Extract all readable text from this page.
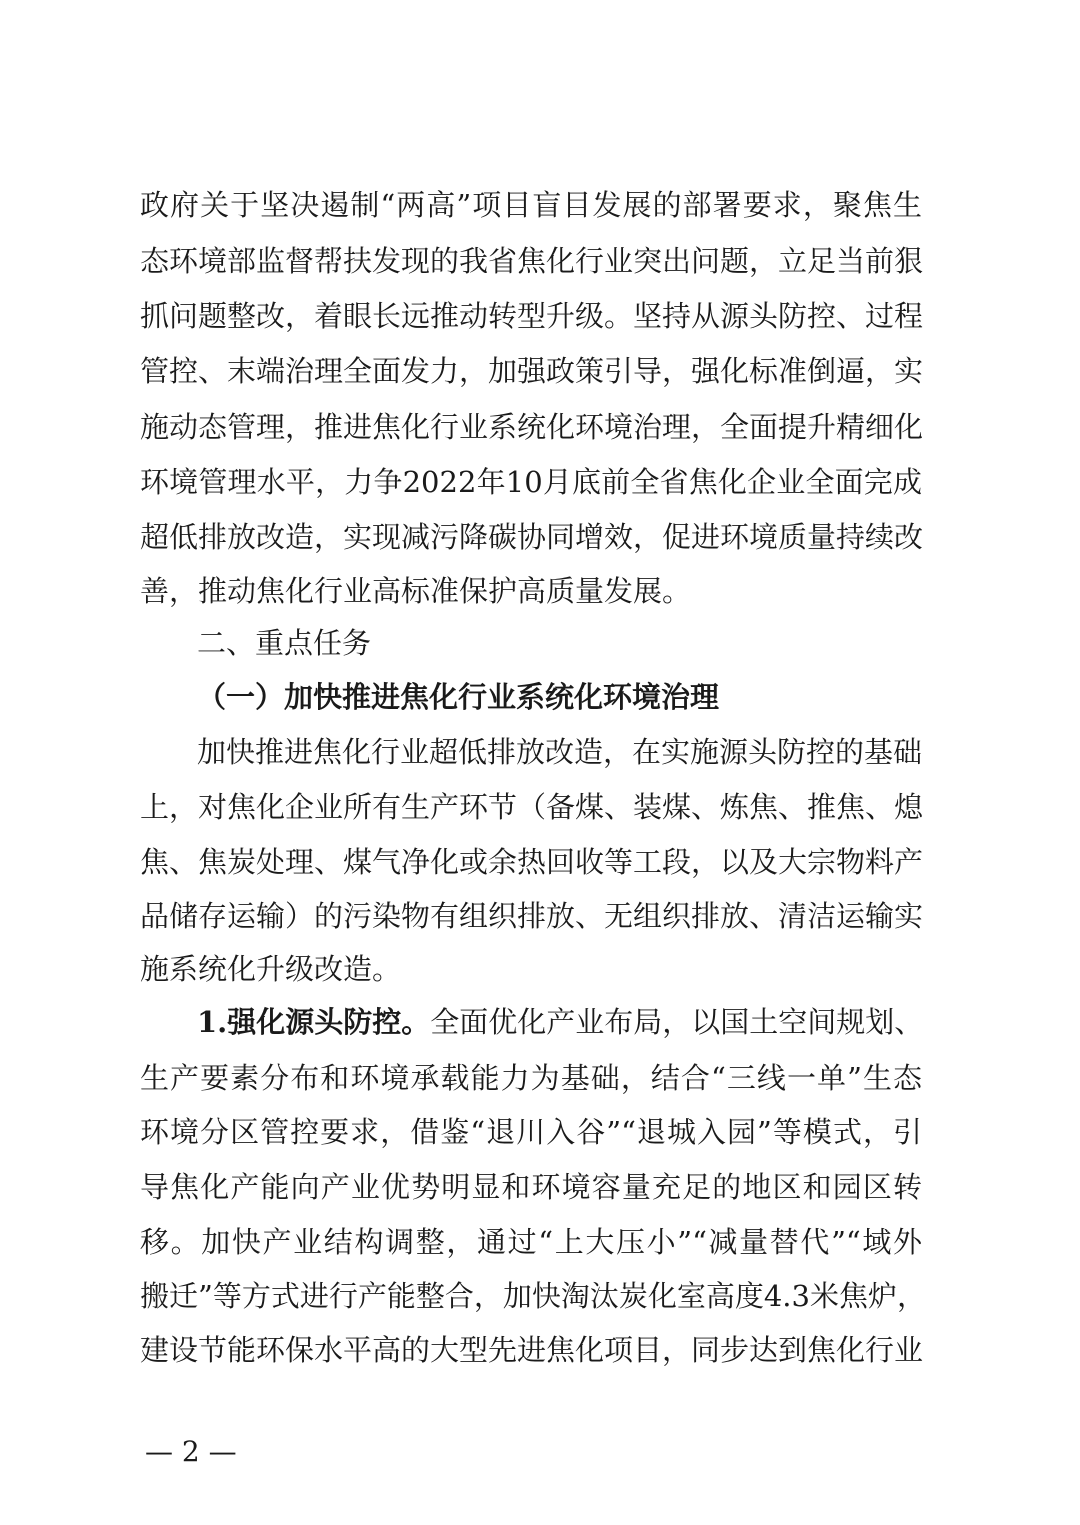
政府关于坚决遏制“两高”项目盲目发展的部署要求，聚焦生
态环境部监督帮扶发现的我省焦化行业突出问题，立足当前狠
抓问题整改，着眼长远推动转型升级。坚持从源头防控、过程
管控、末端治理全面发力，加强政策引导，强化标准倒逼，实
施动态管理，推进焦化行业系统化环境治理，全面提升精细化
环境管理水平，力争2022年10月底前全省焦化企业全面完成
超低排放改造，实现减污降碳协同增效，促进环境质量持续改
善，推动焦化行业高标准保护高质量发展。
二、重点任务
（一）加快推进焦化行业系统化环境治理
加快推进焦化行业超低排放改造，在实施源头防控的基础
上，对焦化企业所有生产环节（备煤、装煤、炼焦、推焦、熄
焦、焦炭处理、煤气净化或余热回收等工段，以及大宗物料产
品储存运输）的污染物有组织排放、无组织排放、清洁运输实
施系统化升级改造。
1.强化源头防控。全面优化产业布局，以国土空间规划、
生产要素分布和环境承载能力为基础，结合“三线一单”生态
环境分区管控要求，借鉴“退川入谷”“退城入园”等模式，引
导焦化产能向产业优势明显和环境容量充足的地区和园区转
移。加快产业结构调整，通过“上大压小”“减量替代”“域外
搬迁”等方式进行产能整合，加快淘汰炭化室高度4.3米焦炉，
建设节能环保水平高的大型先进焦化项目，同步达到焦化行业
— 2 —
